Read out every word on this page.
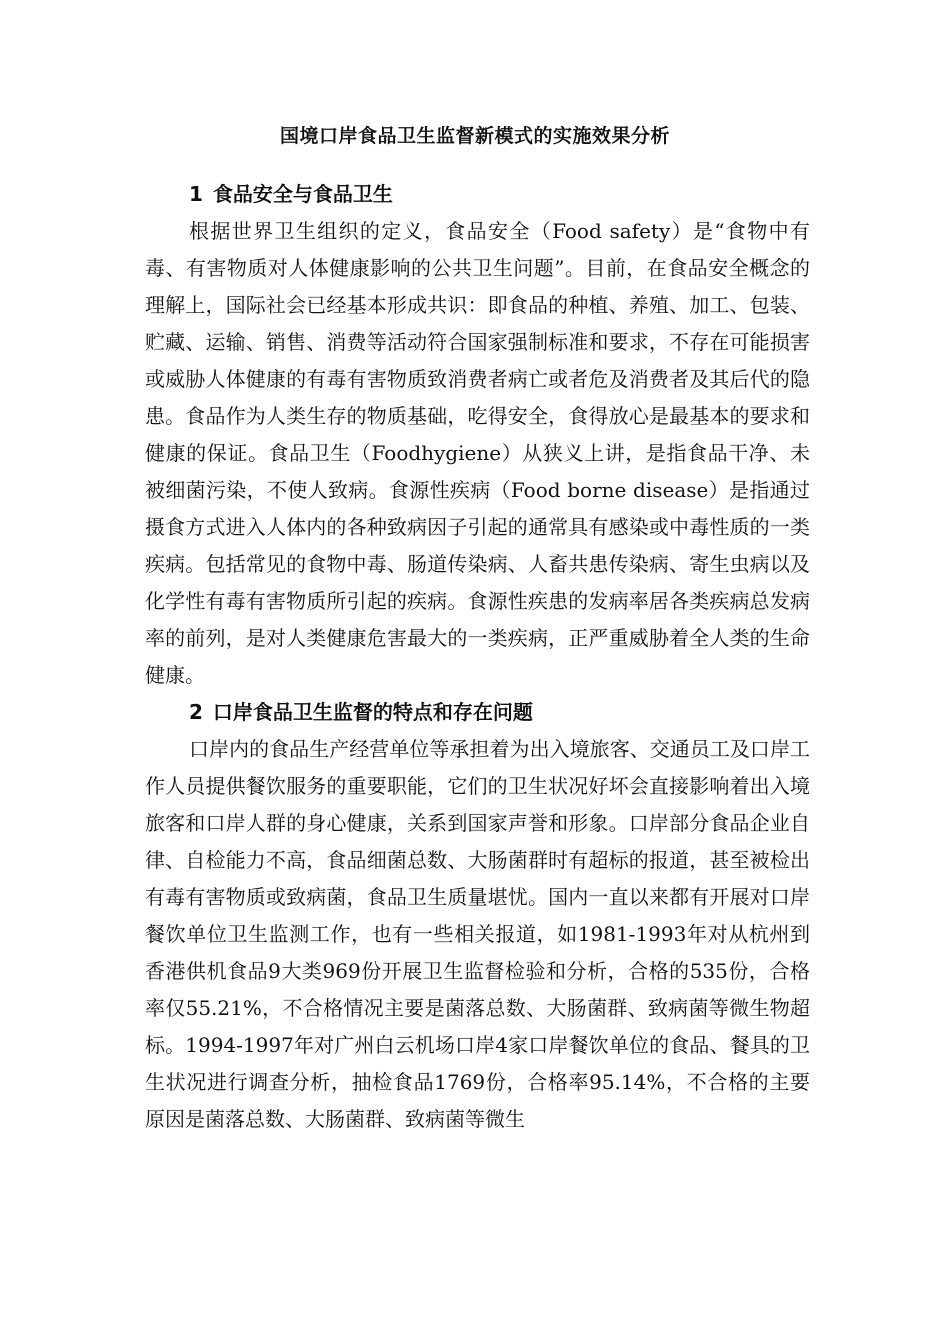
国境口岸食品卫生监督新模式的实施效果分析
1 食品安全与食品卫生

根据世界卫生组织的定义，食品安全（Food safety）是“食物中有毒、有害物质对人体健康影响的公共卫生问题”。目前，在食品安全概念的理解上，国际社会已经基本形成共识：即食品的种植、养殖、加工、包装、贮藏、运输、销售、消费等活动符合国家强制标准和要求，不存在可能损害或威胁人体健康的有毒有害物质致消费者病亡或者危及消费者及其后代的隐患。食品作为人类生存的物质基础，吃得安全，食得放心是最基本的要求和健康的保证。食品卫生（Foodhygiene）从狭义上讲，是指食品干净、未被细菌污染，不使人致病。食源性疾病（Food borne disease）是指通过摄食方式进入人体内的各种致病因子引起的通常具有感染或中毒性质的一类疾病。包括常见的食物中毒、肠道传染病、人畜共患传染病、寄生虫病以及化学性有毒有害物质所引起的疾病。食源性疾患的发病率居各类疾病总发病率的前列，是对人类健康危害最大的一类疾病，正严重威胁着全人类的生命健康。

2 口岸食品卫生监督的特点和存在问题

口岸内的食品生产经营单位等承担着为出入境旅客、交通员工及口岸工作人员提供餐饮服务的重要职能，它们的卫生状况好坏会直接影响着出入境旅客和口岸人群的身心健康，关系到国家声誉和形象。口岸部分食品企业自律、自检能力不高，食品细菌总数、大肠菌群时有超标的报道，甚至被检出有毒有害物质或致病菌，食品卫生质量堪忧。国内一直以来都有开展对口岸餐饮单位卫生监测工作，也有一些相关报道，如1981-1993年对从杭州到香港供机食品9大类969份开展卫生监督检验和分析，合格的535份，合格率仅55.21%，不合格情况主要是菌落总数、大肠菌群、致病菌等微生物超标。1994-1997年对广州白云机场口岸4家口岸餐饮单位的食品、餐具的卫生状况进行调查分析，抽检食品1769份，合格率95.14%，不合格的主要原因是菌落总数、大肠菌群、致病菌等微生
